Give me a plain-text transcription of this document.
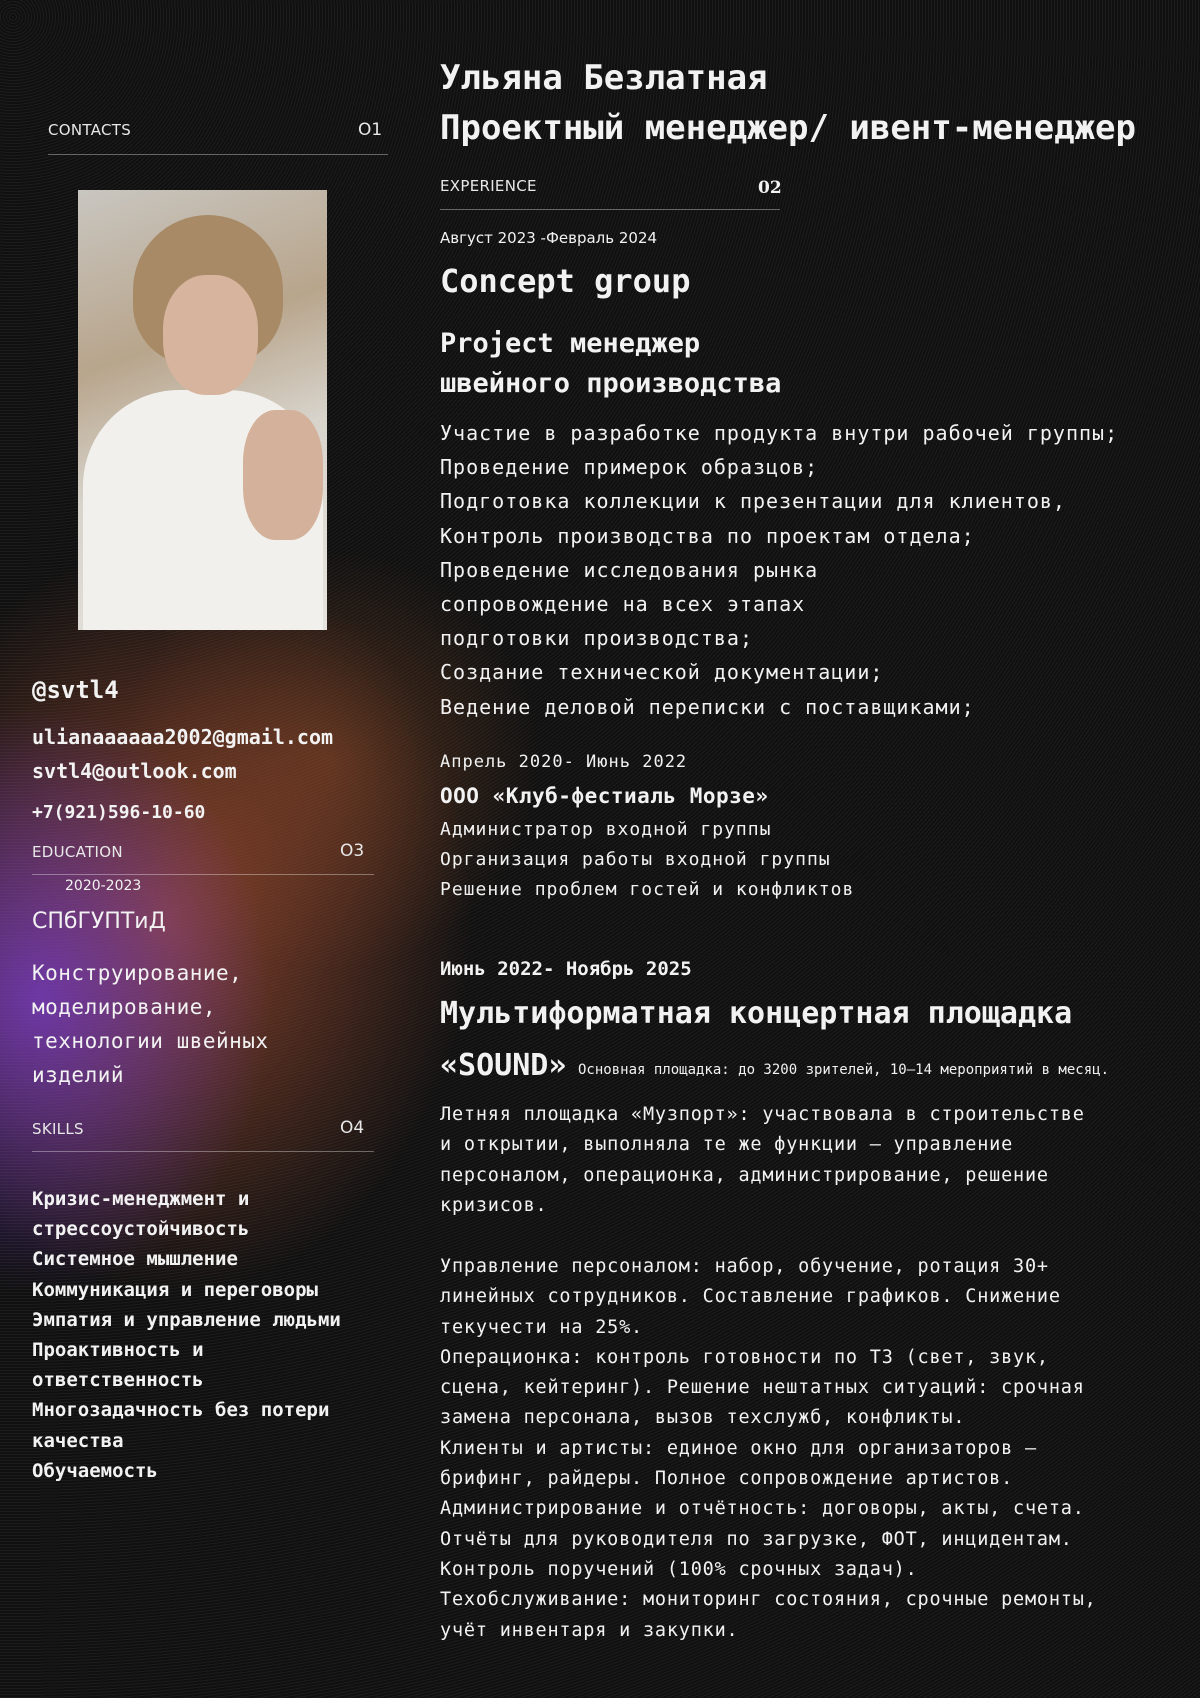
CONTACTS	O1
@svtl4
ulianaaaaaa2002@gmail.com
svtl4@outlook.com
+7(921)596-10-60
EDUCATION	O3
2020-2023
СПбГУПТиД
Конструирование,
моделирование,
технологии швейных
изделий
SKILLS	O4
Кризис-менеджмент и
стрессоустойчивость
Системное мышление
Коммуникация и переговоры
Эмпатия и управление людьми
Проактивность и
ответственность
Многозадачность без потери
качества
Обучаемость
Ульяна Безлатная
Проектный менеджер/ ивент-менеджер
EXPERIENCE	02
Август 2023 -Февраль 2024
Concept group
Project менеджер
швейного производства
Участие в разработке продукта внутри рабочей группы;
Проведение примерок образцов;
Подготовка коллекции к презентации для клиентов,
Контроль производства по проектам отдела;
Проведение исследования рынка
сопровождение на всех этапах
подготовки производства;
Создание технической документации;
Ведение деловой переписки с поставщиками;
Апрель 2020- Июнь 2022
ООО «Клуб-фестиаль Морзе»
Администратор входной группы
Организация работы входной группы
Решение проблем гостей и конфликтов
Июнь 2022- Ноябрь 2025
Мультиформатная концертная площадка
«SOUND» Основная площадка: до 3200 зрителей, 10–14 мероприятий в месяц.
Летняя площадка «Музпорт»: участвовала в строительстве
и открытии, выполняла те же функции — управление
персоналом, операционка, администрирование, решение
кризисов.
Управление персоналом: набор, обучение, ротация 30+
линейных сотрудников. Составление графиков. Снижение
текучести на 25%.
Операционка: контроль готовности по ТЗ (свет, звук,
сцена, кейтеринг). Решение нештатных ситуаций: срочная
замена персонала, вызов техслужб, конфликты.
Клиенты и артисты: единое окно для организаторов —
брифинг, райдеры. Полное сопровождение артистов.
Администрирование и отчётность: договоры, акты, счета.
Отчёты для руководителя по загрузке, ФОТ, инцидентам.
Контроль поручений (100% срочных задач).
Техобслуживание: мониторинг состояния, срочные ремонты,
учёт инвентаря и закупки.
